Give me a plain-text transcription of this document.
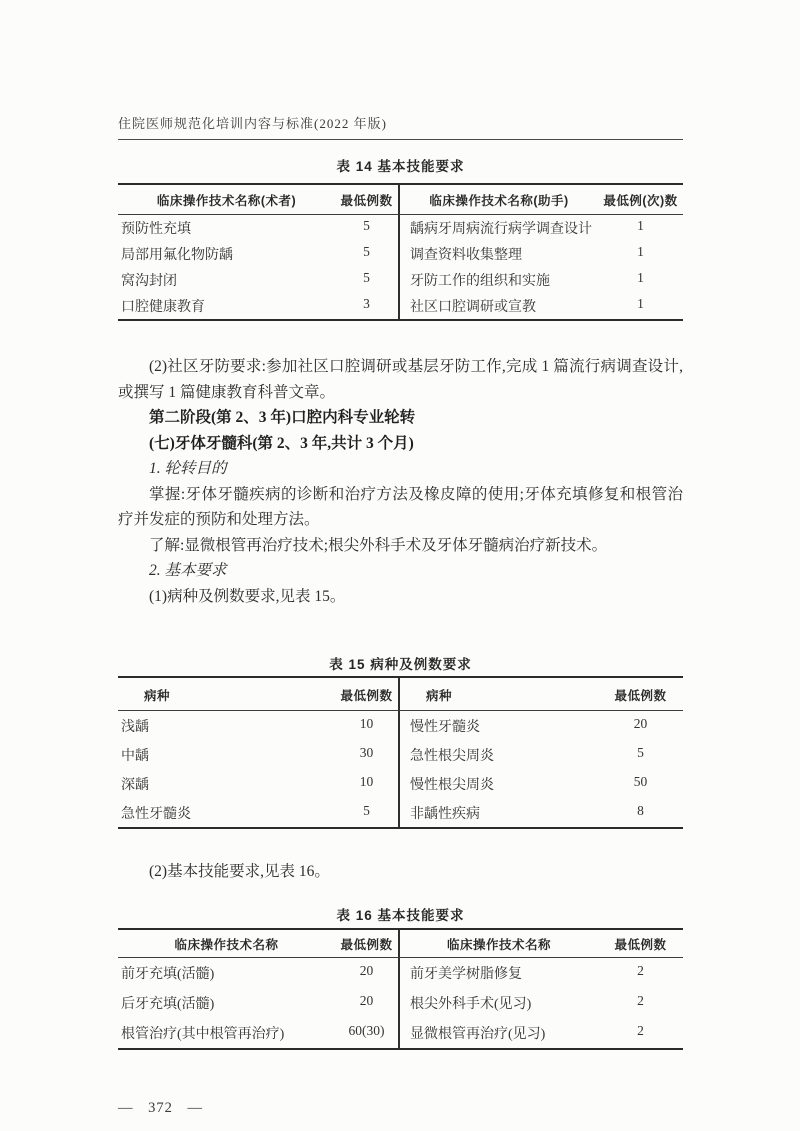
住院医师规范化培训内容与标准(2022 年版)
表 14 基本技能要求
临床操作技术名称(术者)	最低例数	临床操作技术名称(助手)	最低例(次)数
预防性充填	5	龋病牙周病流行病学调查设计	1
局部用氟化物防龋	5	调查资料收集整理	1
窝沟封闭	5	牙防工作的组织和实施	1
口腔健康教育	3	社区口腔调研或宣教	1

(2)社区牙防要求:参加社区口腔调研或基层牙防工作,完成 1 篇流行病调查设计,或撰写 1 篇健康教育科普文章。

第二阶段(第 2、3 年)口腔内科专业轮转

(七)牙体牙髓科(第 2、3 年,共计 3 个月)

1. 轮转目的

掌握:牙体牙髓疾病的诊断和治疗方法及橡皮障的使用;牙体充填修复和根管治疗并发症的预防和处理方法。

了解:显微根管再治疗技术;根尖外科手术及牙体牙髓病治疗新技术。

2. 基本要求

(1)病种及例数要求,见表 15。

表 15 病种及例数要求
病种	最低例数	病种	最低例数
浅龋	10	慢性牙髓炎	20
中龋	30	急性根尖周炎	5
深龋	10	慢性根尖周炎	50
急性牙髓炎	5	非龋性疾病	8

(2)基本技能要求,见表 16。

表 16 基本技能要求
临床操作技术名称	最低例数	临床操作技术名称	最低例数
前牙充填(活髓)	20	前牙美学树脂修复	2
后牙充填(活髓)	20	根尖外科手术(见习)	2
根管治疗(其中根管再治疗)	60(30)	显微根管再治疗(见习)	2
— 372 —
